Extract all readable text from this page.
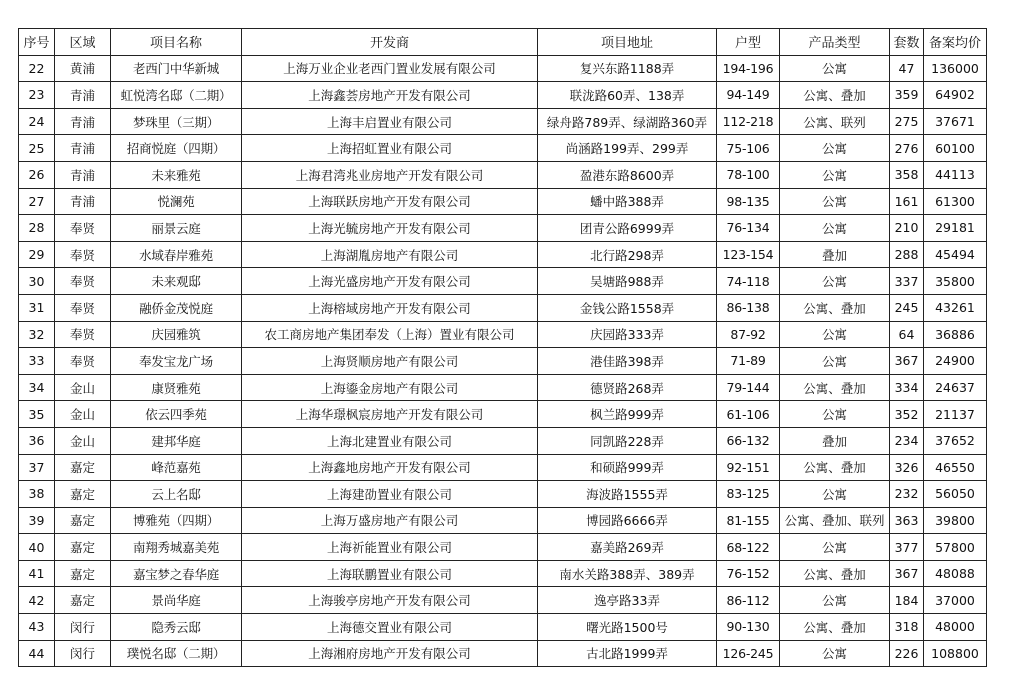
序号	区域	项目名称	开发商	项目地址	户型	产品类型	套数	备案均价
22	黄浦	老西门中华新城	上海万业企业老西门置业发展有限公司	复兴东路1188弄	194-196	公寓	47	136000
23	青浦	虹悦湾名邸（二期）	上海鑫荟房地产开发有限公司	联泷路60弄、138弄	94-149	公寓、叠加	359	64902
24	青浦	梦珠里（三期）	上海丰启置业有限公司	绿舟路789弄、绿湖路360弄	112-218	公寓、联列	275	37671
25	青浦	招商悦庭（四期）	上海招虹置业有限公司	尚涵路199弄、299弄	75-106	公寓	276	60100
26	青浦	未来雅苑	上海君湾兆业房地产开发有限公司	盈港东路8600弄	78-100	公寓	358	44113
27	青浦	悦澜苑	上海联跃房地产开发有限公司	蟠中路388弄	98-135	公寓	161	61300
28	奉贤	丽景云庭	上海光毓房地产开发有限公司	团青公路6999弄	76-134	公寓	210	29181
29	奉贤	水域春岸雅苑	上海湖胤房地产有限公司	北行路298弄	123-154	叠加	288	45494
30	奉贤	未来观邸	上海光盛房地产开发有限公司	吴塘路988弄	74-118	公寓	337	35800
31	奉贤	融侨金茂悦庭	上海榕域房地产开发有限公司	金钱公路1558弄	86-138	公寓、叠加	245	43261
32	奉贤	庆园雅筑	农工商房地产集团奉发（上海）置业有限公司	庆园路333弄	87-92	公寓	64	36886
33	奉贤	奉发宝龙广场	上海贤顺房地产有限公司	港佳路398弄	71-89	公寓	367	24900
34	金山	康贤雅苑	上海鎏金房地产有限公司	德贤路268弄	79-144	公寓、叠加	334	24637
35	金山	依云四季苑	上海华璟枫宸房地产开发有限公司	枫兰路999弄	61-106	公寓	352	21137
36	金山	建邦华庭	上海北建置业有限公司	同凯路228弄	66-132	叠加	234	37652
37	嘉定	峰范嘉苑	上海鑫地房地产开发有限公司	和硕路999弄	92-151	公寓、叠加	326	46550
38	嘉定	云上名邸	上海建劭置业有限公司	海波路1555弄	83-125	公寓	232	56050
39	嘉定	博雅苑（四期）	上海万盛房地产有限公司	博园路6666弄	81-155	公寓、叠加、联列	363	39800
40	嘉定	南翔秀城嘉美苑	上海祈能置业有限公司	嘉美路269弄	68-122	公寓	377	57800
41	嘉定	嘉宝梦之春华庭	上海联鹏置业有限公司	南水关路388弄、389弄	76-152	公寓、叠加	367	48088
42	嘉定	景尚华庭	上海骏亭房地产开发有限公司	逸亭路33弄	86-112	公寓	184	37000
43	闵行	隐秀云邸	上海德交置业有限公司	曙光路1500号	90-130	公寓、叠加	318	48000
44	闵行	璞悦名邸（二期）	上海湘府房地产开发有限公司	古北路1999弄	126-245	公寓	226	108800
